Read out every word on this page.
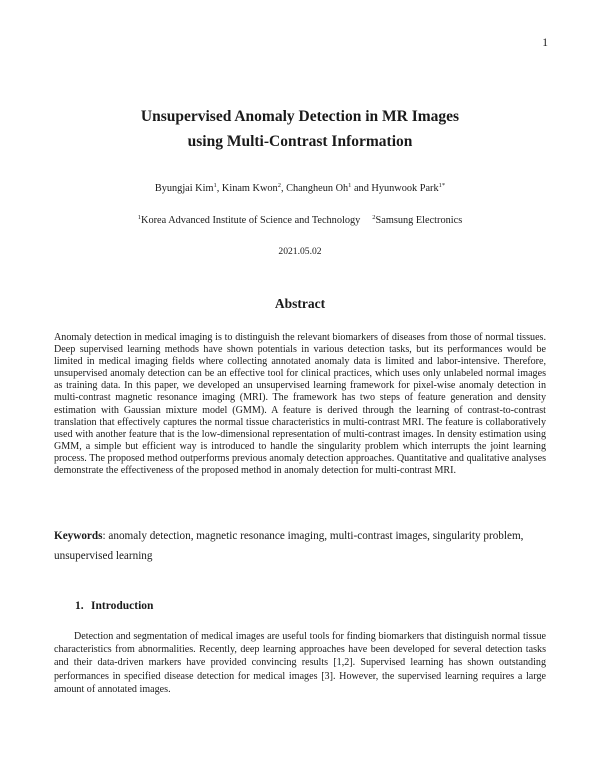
1
Unsupervised Anomaly Detection in MR Images
using Multi-Contrast Information
Byungjai Kim$^1$, Kinam Kwon$^2$, Changheun Oh$^1$ and Hyunwook Park$^{1*}$
$^1$Korea Advanced Institute of Science and Technology $^2$Samsung Electronics
2021.05.02
Abstract
Anomaly detection in medical imaging is to distinguish the relevant biomarkers of diseases from those of normal tissues. Deep supervised learning methods have shown potentials in various detection tasks, but its performances would be limited in medical imaging fields where collecting annotated anomaly data is limited and labor-intensive. Therefore, unsupervised anomaly detection can be an effective tool for clinical practices, which uses only unlabeled normal images as training data. In this paper, we developed an unsupervised learning framework for pixel-wise anomaly detection in multi-contrast magnetic resonance imaging (MRI). The framework has two steps of feature generation and density estimation with Gaussian mixture model (GMM). A feature is derived through the learning of contrast-to-contrast translation that effectively captures the normal tissue characteristics in multi-contrast MRI. The feature is collaboratively used with another feature that is the low-dimensional representation of multi-contrast images. In density estimation using GMM, a simple but efficient way is introduced to handle the singularity problem which interrupts the joint learning process. The proposed method outperforms previous anomaly detection approaches. Quantitative and qualitative analyses demonstrate the effectiveness of the proposed method in anomaly detection for multi-contrast MRI.
Keywords: anomaly detection, magnetic resonance imaging, multi-contrast images, singularity problem, unsupervised learning
1. Introduction
Detection and segmentation of medical images are useful tools for finding biomarkers that distinguish normal tissue characteristics from abnormalities. Recently, deep learning approaches have been developed for several detection tasks and their data-driven markers have provided convincing results [1,2]. Supervised learning has shown outstanding performances in specified disease detection for medical images [3]. However, the supervised learning requires a large amount of annotated images.
